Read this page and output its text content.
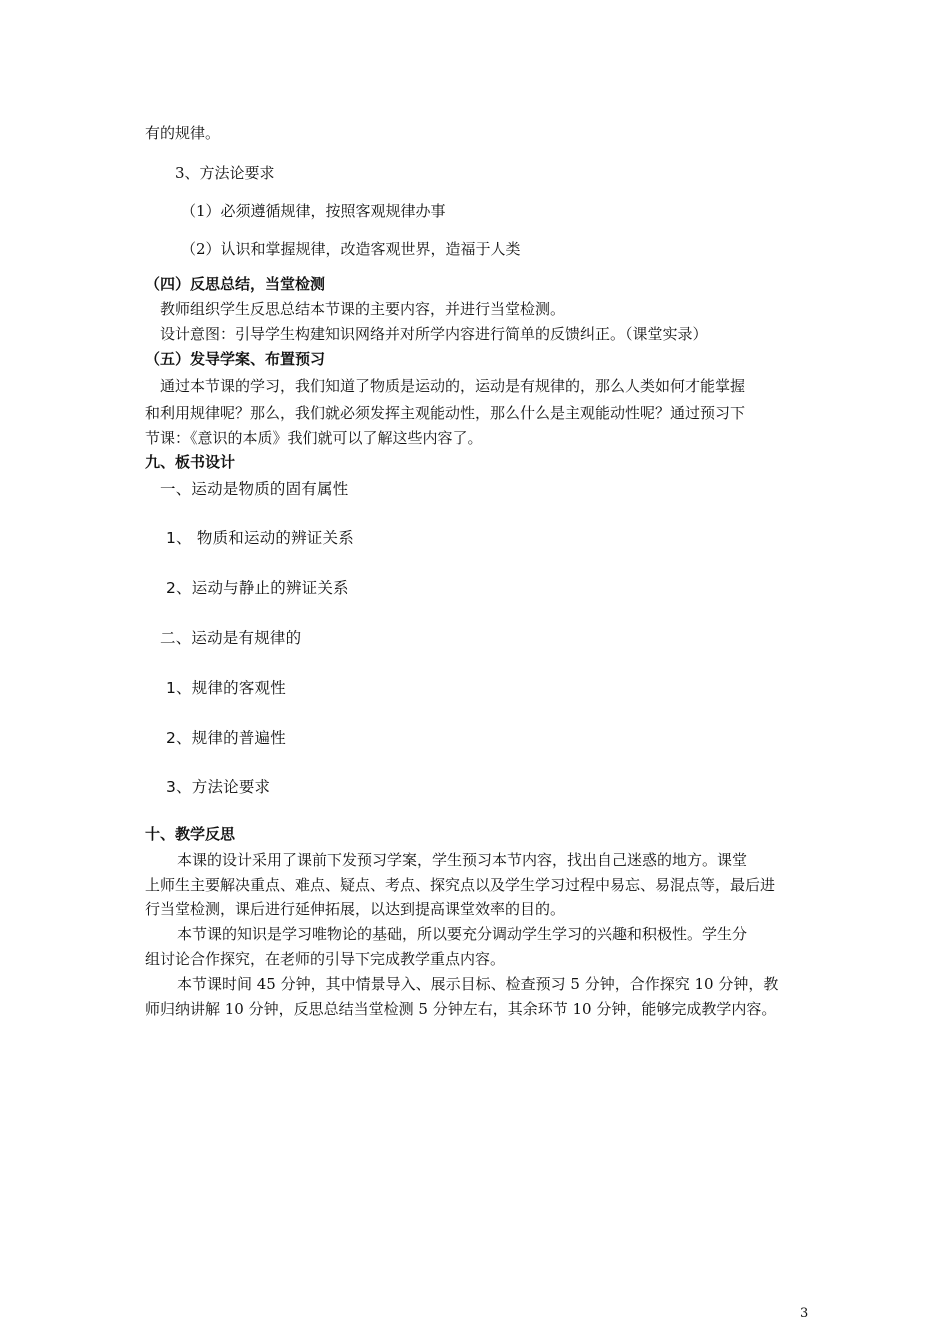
有的规律。
3、方法论要求
（1）必须遵循规律，按照客观规律办事
（2）认识和掌握规律，改造客观世界，造福于人类
（四）反思总结，当堂检测
教师组织学生反思总结本节课的主要内容，并进行当堂检测。
设计意图：引导学生构建知识网络并对所学内容进行简单的反馈纠正。（课堂实录）
（五）发导学案、布置预习
通过本节课的学习，我们知道了物质是运动的，运动是有规律的，那么人类如何才能掌握
和利用规律呢？那么，我们就必须发挥主观能动性，那么什么是主观能动性呢？通过预习下
节课：《意识的本质》我们就可以了解这些内容了。
九、板书设计
一、运动是物质的固有属性
1、 物质和运动的辨证关系
2、运动与静止的辨证关系
二、运动是有规律的
1、规律的客观性
2、规律的普遍性
3、方法论要求
十、教学反思
本课的设计采用了课前下发预习学案，学生预习本节内容，找出自己迷惑的地方。课堂
上师生主要解决重点、难点、疑点、考点、探究点以及学生学习过程中易忘、易混点等，最后进
行当堂检测，课后进行延伸拓展，以达到提高课堂效率的目的。
本节课的知识是学习唯物论的基础，所以要充分调动学生学习的兴趣和积极性。学生分
组讨论合作探究，在老师的引导下完成教学重点内容。
本节课时间 45 分钟，其中情景导入、展示目标、检查预习 5 分钟，合作探究 10 分钟，教
师归纳讲解 10 分钟，反思总结当堂检测 5 分钟左右，其余环节 10 分钟，能够完成教学内容。
3
